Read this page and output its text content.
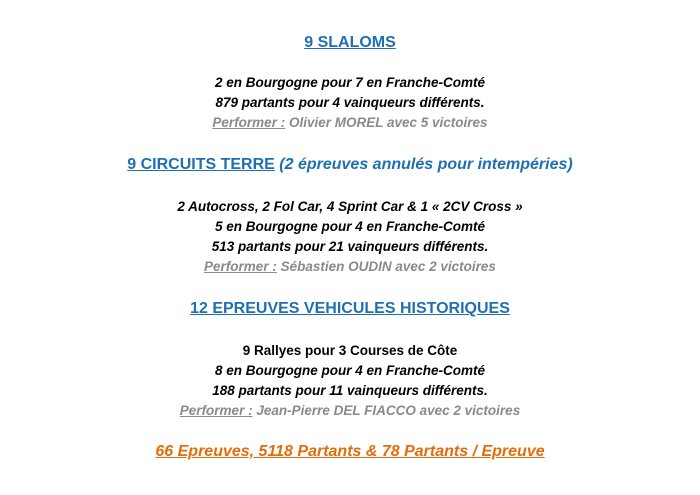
9 SLALOMS
2 en Bourgogne pour 7 en Franche-Comté
879 partants pour 4 vainqueurs différents.
Performer : Olivier MOREL avec 5 victoires
9 CIRCUITS TERRE (2 épreuves annulés pour intempéries)
2 Autocross, 2 Fol Car, 4 Sprint Car & 1 « 2CV Cross »
5 en Bourgogne pour 4 en Franche-Comté
513 partants pour 21 vainqueurs différents.
Performer : Sébastien OUDIN avec 2 victoires
12 EPREUVES VEHICULES HISTORIQUES
9 Rallyes pour 3 Courses de Côte
8 en Bourgogne pour 4 en Franche-Comté
188 partants pour 11 vainqueurs différents.
Performer : Jean-Pierre DEL FIACCO avec 2 victoires
66 Epreuves, 5118 Partants & 78 Partants / Epreuve
